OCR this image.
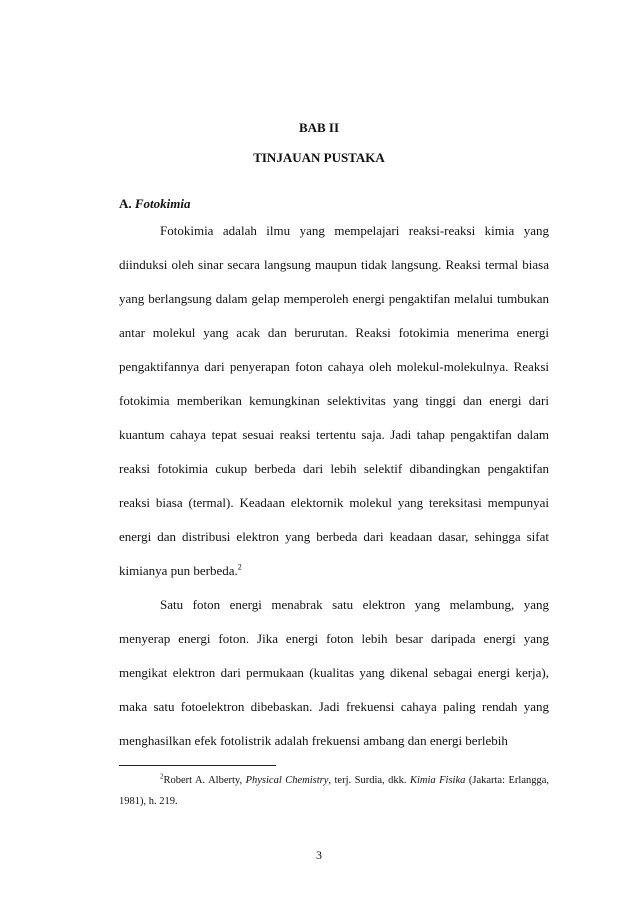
BAB II

TINJAUAN PUSTAKA

A. Fotokimia

Fotokimia adalah ilmu yang mempelajari reaksi-reaksi kimia yang diinduksi oleh sinar secara langsung maupun tidak langsung. Reaksi termal biasa yang berlangsung dalam gelap memperoleh energi pengaktifan melalui tumbukan antar molekul yang acak dan berurutan. Reaksi fotokimia menerima energi pengaktifannya dari penyerapan foton cahaya oleh molekul-molekulnya. Reaksi fotokimia memberikan kemungkinan selektivitas yang tinggi dan energi dari kuantum cahaya tepat sesuai reaksi tertentu saja. Jadi tahap pengaktifan dalam reaksi fotokimia cukup berbeda dari lebih selektif dibandingkan pengaktifan reaksi biasa (termal). Keadaan elektornik molekul yang tereksitasi mempunyai energi dan distribusi elektron yang berbeda dari keadaan dasar, sehingga sifat kimianya pun berbeda.$^2$

Satu foton energi menabrak satu elektron yang melambung, yang menyerap energi foton. Jika energi foton lebih besar daripada energi yang mengikat elektron dari permukaan (kualitas yang dikenal sebagai energi kerja), maka satu fotoelektron dibebaskan. Jadi frekuensi cahaya paling rendah yang menghasilkan efek fotolistrik adalah frekuensi ambang dan energi berlebih

$^2$Robert A. Alberty, Physical Chemistry, terj. Surdia, dkk. Kimia Fisika (Jakarta: Erlangga, 1981), h. 219.

3
